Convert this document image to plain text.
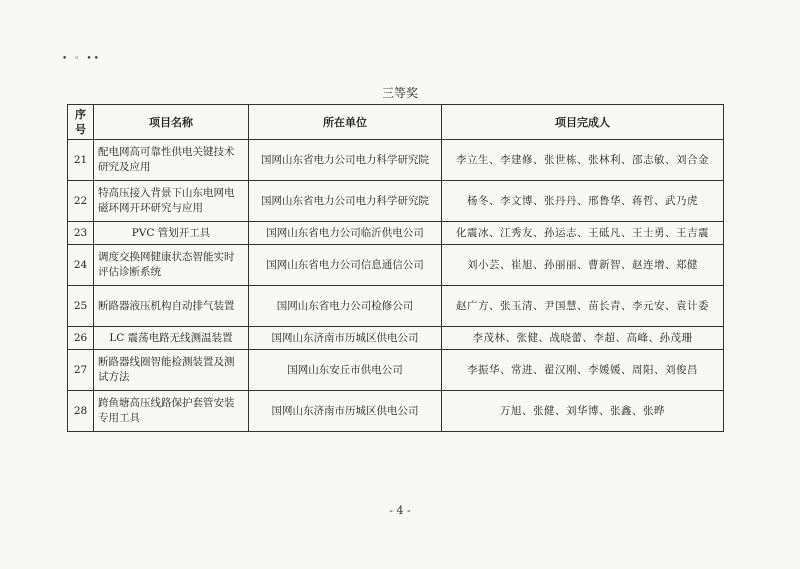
• ◦ ••
三等奖
序号	项目名称	所在单位	项目完成人
21	配电网高可靠性供电关键技术研究及应用	国网山东省电力公司电力科学研究院	李立生、李建修、张世栋、张林利、邵志敏、刘合金
22	特高压接入背景下山东电网电磁环网开环研究与应用	国网山东省电力公司电力科学研究院	杨冬、李文博、张丹丹、邢鲁华、蒋哲、武乃虎
23	PVC 管划开工具	国网山东省电力公司临沂供电公司	化震冰、江秀友、孙运志、王砥凡、王士勇、王吉震
24	调度交换网健康状态智能实时评估诊断系统	国网山东省电力公司信息通信公司	刘小芸、崔旭、孙丽丽、曹新智、赵连增、郑健
25	断路器液压机构自动排气装置	国网山东省电力公司检修公司	赵广方、张玉清、尹国慧、苗长青、李元安、袁计委
26	LC 震荡电路无线测温装置	国网山东济南市历城区供电公司	李茂林、张健、战晓蕾、李超、高峰、孙茂珊
27	断路器线圈智能检测装置及测试方法	国网山东安丘市供电公司	李振华、常进、翟汉刚、李媛媛、周阳、刘俊昌
28	跨鱼塘高压线路保护套管安装专用工具	国网山东济南市历城区供电公司	万旭、张健、刘华博、张鑫、张晔
- 4 -
